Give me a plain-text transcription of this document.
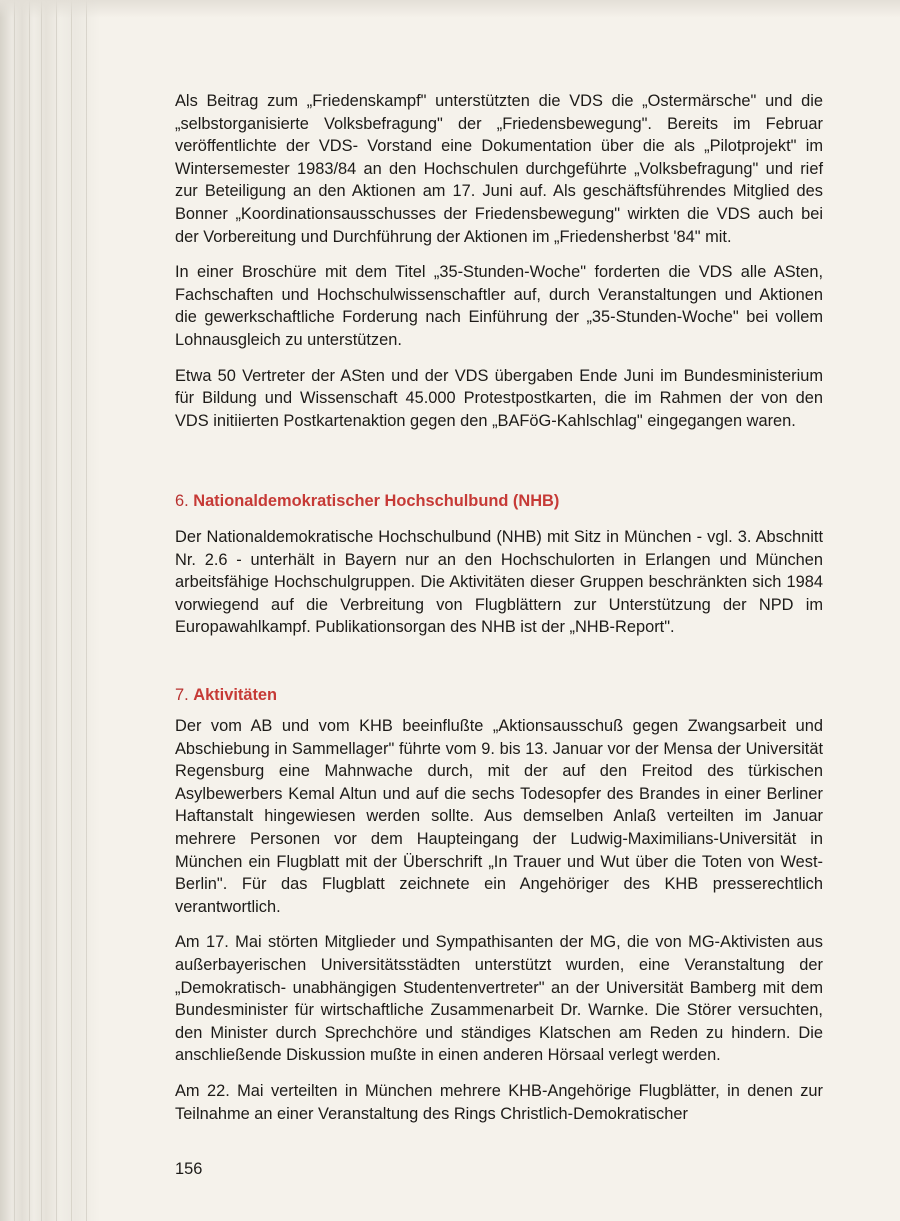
Als Beitrag zum „Friedenskampf" unterstützten die VDS die „Ostermärsche" und die „selbstorganisierte Volksbefragung" der „Friedensbewegung". Bereits im Februar veröffentlichte der VDS- Vorstand eine Dokumentation über die als „Pilotprojekt" im Wintersemester 1983/84 an den Hochschulen durchgeführte „Volksbefragung" und rief zur Beteiligung an den Aktionen am 17. Juni auf. Als geschäftsführendes Mitglied des Bonner „Koordinationsausschusses der Friedensbewegung" wirkten die VDS auch bei der Vorbereitung und Durchführung der Aktionen im „Friedensherbst '84" mit.

In einer Broschüre mit dem Titel „35-Stunden-Woche" forderten die VDS alle ASten, Fachschaften und Hochschulwissenschaftler auf, durch Veranstaltungen und Aktionen die gewerkschaftliche Forderung nach Einführung der „35-Stunden-Woche" bei vollem Lohnausgleich zu unterstützen.

Etwa 50 Vertreter der ASten und der VDS übergaben Ende Juni im Bundesministerium für Bildung und Wissenschaft 45.000 Protestpostkarten, die im Rahmen der von den VDS initiierten Postkartenaktion gegen den „BAFöG-Kahlschlag" eingegangen waren.

6. Nationaldemokratischer Hochschulbund (NHB)

Der Nationaldemokratische Hochschulbund (NHB) mit Sitz in München - vgl. 3. Abschnitt Nr. 2.6 - unterhält in Bayern nur an den Hochschulorten in Erlangen und München arbeitsfähige Hochschulgruppen. Die Aktivitäten dieser Gruppen beschränkten sich 1984 vorwiegend auf die Verbreitung von Flugblättern zur Unterstützung der NPD im Europawahlkampf. Publikationsorgan des NHB ist der „NHB-Report".

7. Aktivitäten

Der vom AB und vom KHB beeinflußte „Aktionsausschuß gegen Zwangsarbeit und Abschiebung in Sammellager" führte vom 9. bis 13. Januar vor der Mensa der Universität Regensburg eine Mahnwache durch, mit der auf den Freitod des türkischen Asylbewerbers Kemal Altun und auf die sechs Todesopfer des Brandes in einer Berliner Haftanstalt hingewiesen werden sollte. Aus demselben Anlaß verteilten im Januar mehrere Personen vor dem Haupteingang der Ludwig-Maximilians-Universität in München ein Flugblatt mit der Überschrift „In Trauer und Wut über die Toten von West-Berlin". Für das Flugblatt zeichnete ein Angehöriger des KHB presserechtlich verantwortlich.

Am 17. Mai störten Mitglieder und Sympathisanten der MG, die von MG-Aktivisten aus außerbayerischen Universitätsstädten unterstützt wurden, eine Veranstaltung der „Demokratisch- unabhängigen Studentenvertreter" an der Universität Bamberg mit dem Bundesminister für wirtschaftliche Zusammenarbeit Dr. Warnke. Die Störer versuchten, den Minister durch Sprechchöre und ständiges Klatschen am Reden zu hindern. Die anschließende Diskussion mußte in einen anderen Hörsaal verlegt werden.

Am 22. Mai verteilten in München mehrere KHB-Angehörige Flugblätter, in denen zur Teilnahme an einer Veranstaltung des Rings Christlich-Demokratischer

156
